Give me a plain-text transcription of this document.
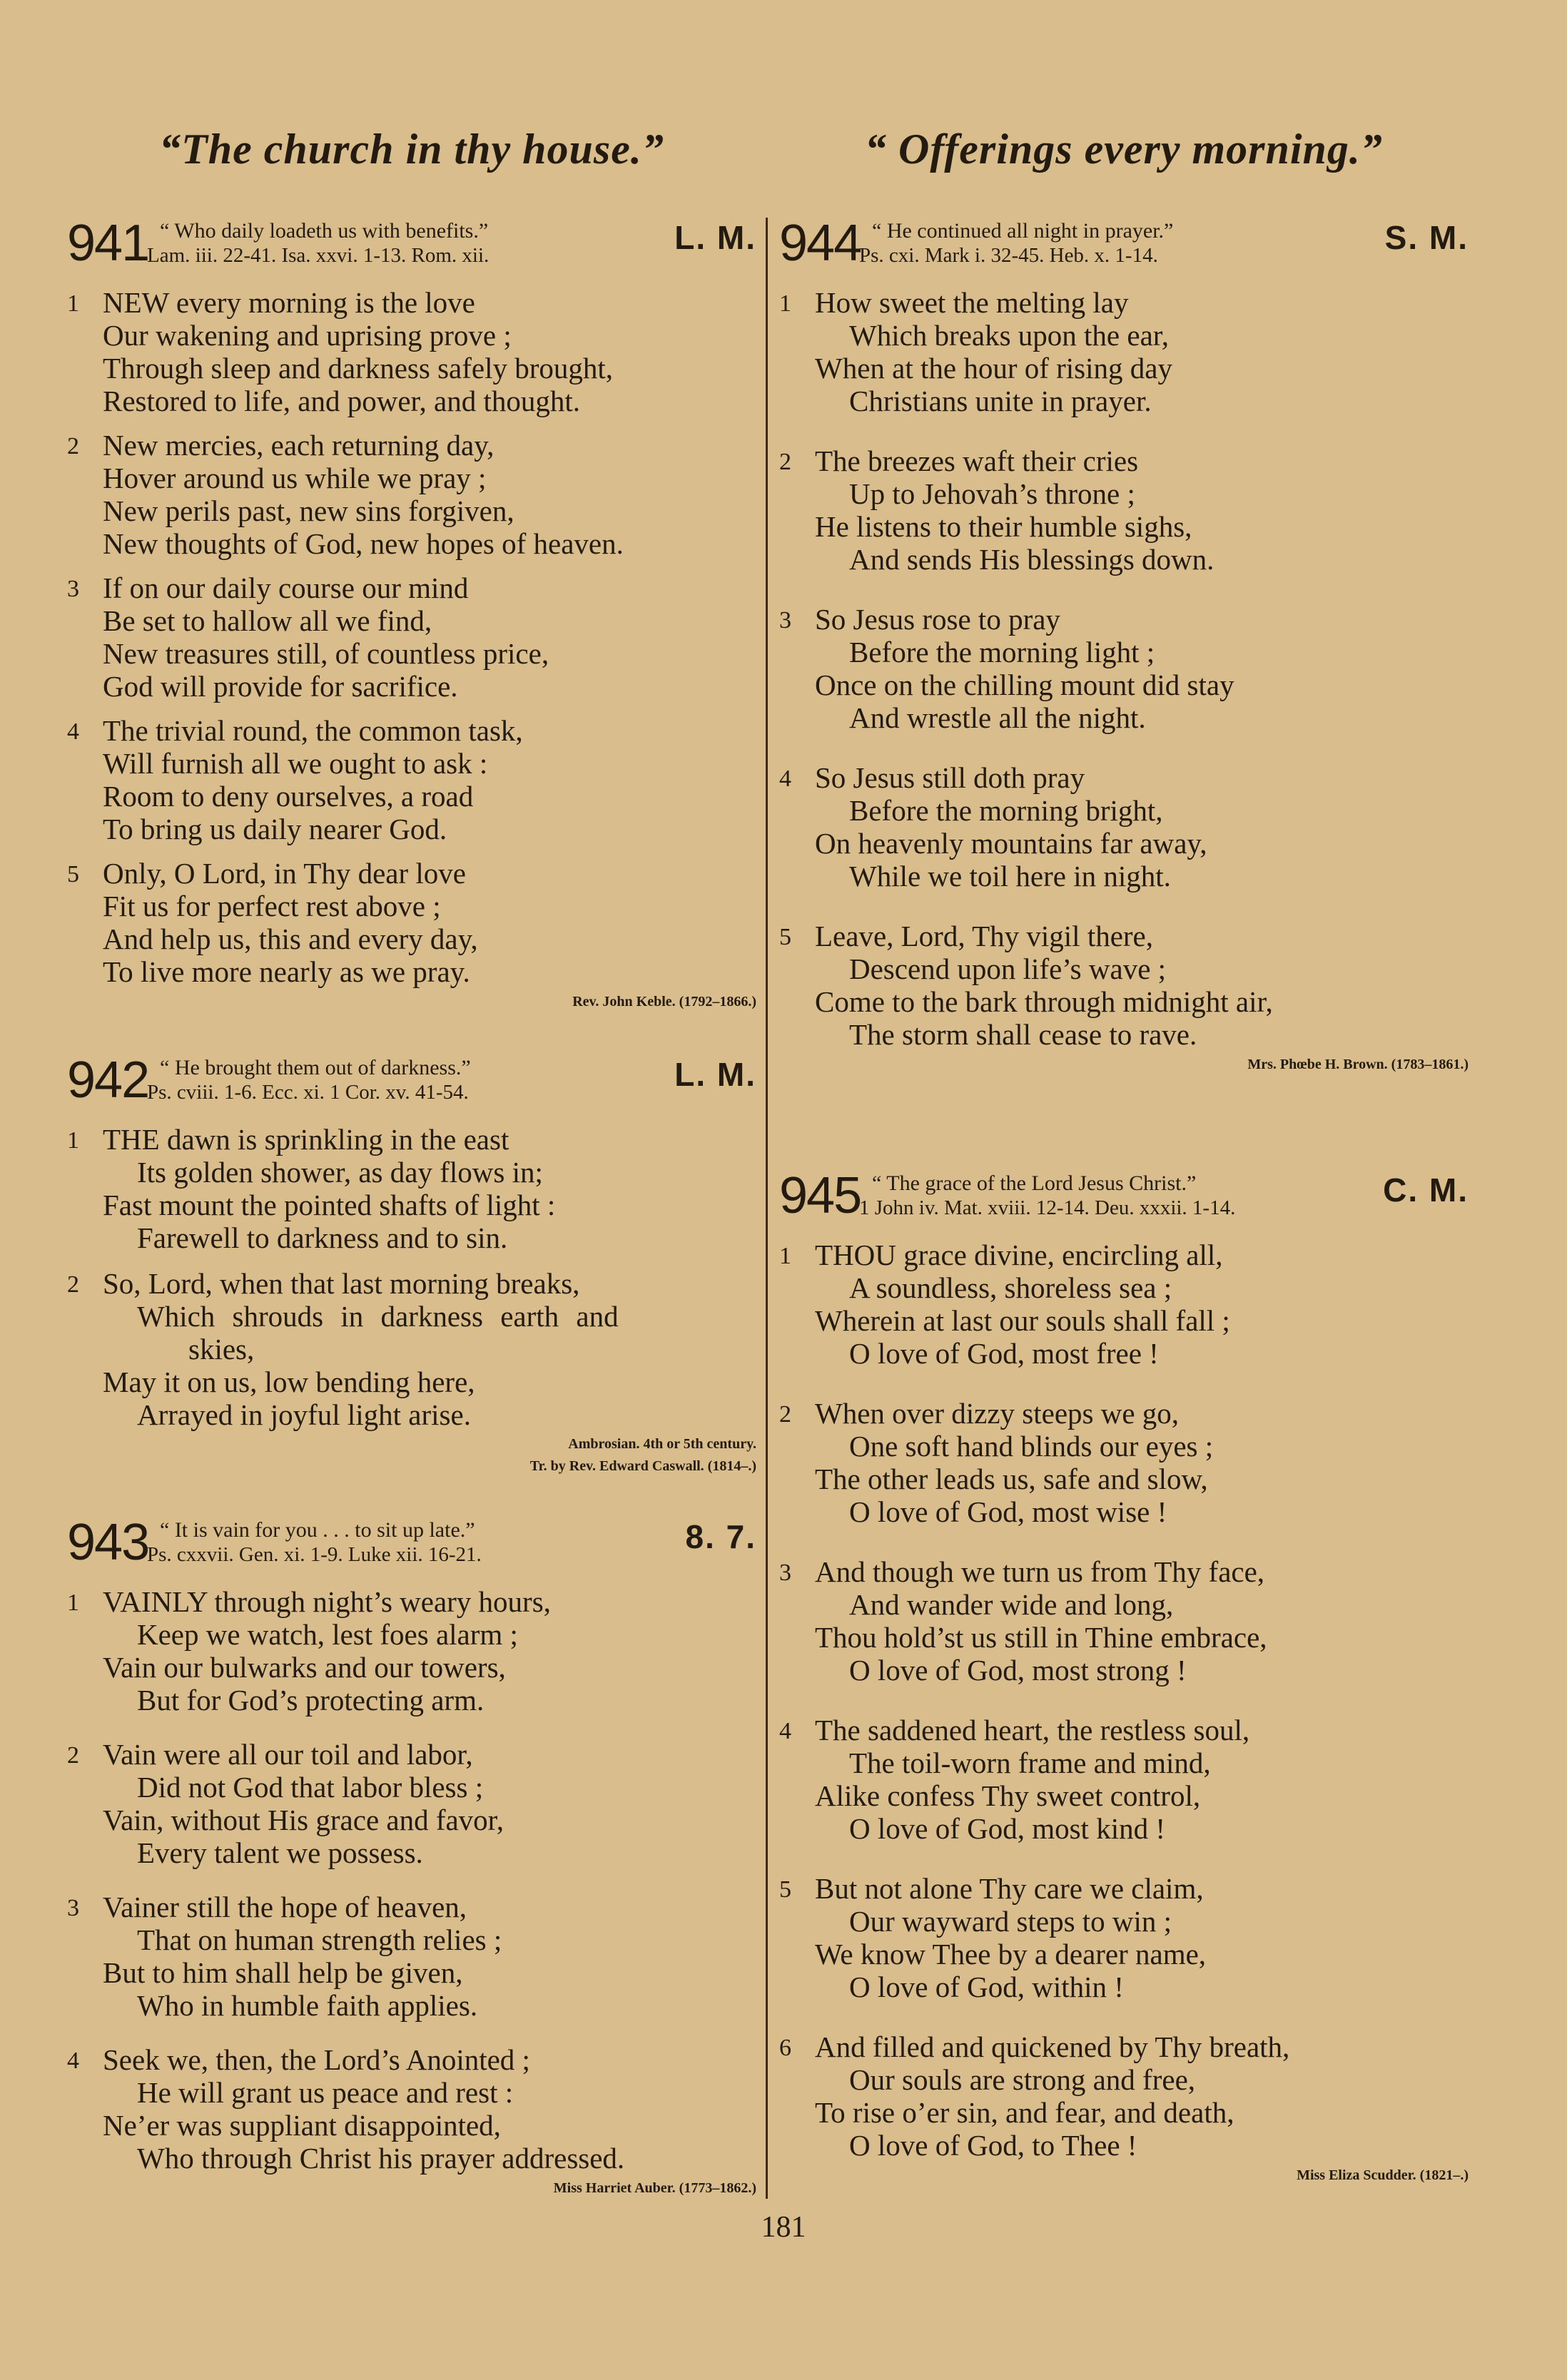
“The church in thy house.”
941 “ Who daily loadeth us with benefits.”
Lam. iii. 22-41. Isa. xxvi. 1-13. Rom. xii.	L. M.
1 NEW every morning is the love
Our wakening and uprising prove ;
Through sleep and darkness safely brought,
Restored to life, and power, and thought.
2 New mercies, each returning day,
Hover around us while we pray ;
New perils past, new sins forgiven,
New thoughts of God, new hopes of heaven.
3 If on our daily course our mind
Be set to hallow all we find,
New treasures still, of countless price,
God will provide for sacrifice.
4 The trivial round, the common task,
Will furnish all we ought to ask :
Room to deny ourselves, a road
To bring us daily nearer God.
5 Only, O Lord, in Thy dear love
Fit us for perfect rest above ;
And help us, this and every day,
To live more nearly as we pray.
Rev. John Keble. (1792–1866.)
942 “ He brought them out of darkness.”
Ps. cviii. 1-6. Ecc. xi. 1 Cor. xv. 41-54.	L. M.
1 THE dawn is sprinkling in the east
Its golden shower, as day flows in;
Fast mount the pointed shafts of light :
Farewell to darkness and to sin.
2 So, Lord, when that last morning breaks,
Which shrouds in darkness earth and
skies,
May it on us, low bending here,
Arrayed in joyful light arise.
Ambrosian. 4th or 5th century.
Tr. by Rev. Edward Caswall. (1814–.)
943 “ It is vain for you . . . to sit up late.”
Ps. cxxvii. Gen. xi. 1-9. Luke xii. 16-21.	8. 7.
1 VAINLY through night’s weary hours,
Keep we watch, lest foes alarm ;
Vain our bulwarks and our towers,
But for God’s protecting arm.
2 Vain were all our toil and labor,
Did not God that labor bless ;
Vain, without His grace and favor,
Every talent we possess.
3 Vainer still the hope of heaven,
That on human strength relies ;
But to him shall help be given,
Who in humble faith applies.
4 Seek we, then, the Lord’s Anointed ;
He will grant us peace and rest :
Ne’er was suppliant disappointed,
Who through Christ his prayer addressed.
Miss Harriet Auber. (1773–1862.)
“ Offerings every morning.”
944 “ He continued all night in prayer.”
Ps. cxi. Mark i. 32-45. Heb. x. 1-14.	S. M.
1 How sweet the melting lay
Which breaks upon the ear,
When at the hour of rising day
Christians unite in prayer.
2 The breezes waft their cries
Up to Jehovah’s throne ;
He listens to their humble sighs,
And sends His blessings down.
3 So Jesus rose to pray
Before the morning light ;
Once on the chilling mount did stay
And wrestle all the night.
4 So Jesus still doth pray
Before the morning bright,
On heavenly mountains far away,
While we toil here in night.
5 Leave, Lord, Thy vigil there,
Descend upon life’s wave ;
Come to the bark through midnight air,
The storm shall cease to rave.
Mrs. Phœbe H. Brown. (1783–1861.)
945 “ The grace of the Lord Jesus Christ.”
1 John iv. Mat. xviii. 12-14. Deu. xxxii. 1-14.	C. M.
1 THOU grace divine, encircling all,
A soundless, shoreless sea ;
Wherein at last our souls shall fall ;
O love of God, most free !
2 When over dizzy steeps we go,
One soft hand blinds our eyes ;
The other leads us, safe and slow,
O love of God, most wise !
3 And though we turn us from Thy face,
And wander wide and long,
Thou hold’st us still in Thine embrace,
O love of God, most strong !
4 The saddened heart, the restless soul,
The toil-worn frame and mind,
Alike confess Thy sweet control,
O love of God, most kind !
5 But not alone Thy care we claim,
Our wayward steps to win ;
We know Thee by a dearer name,
O love of God, within !
6 And filled and quickened by Thy breath,
Our souls are strong and free,
To rise o’er sin, and fear, and death,
O love of God, to Thee !
Miss Eliza Scudder. (1821–.)
181
